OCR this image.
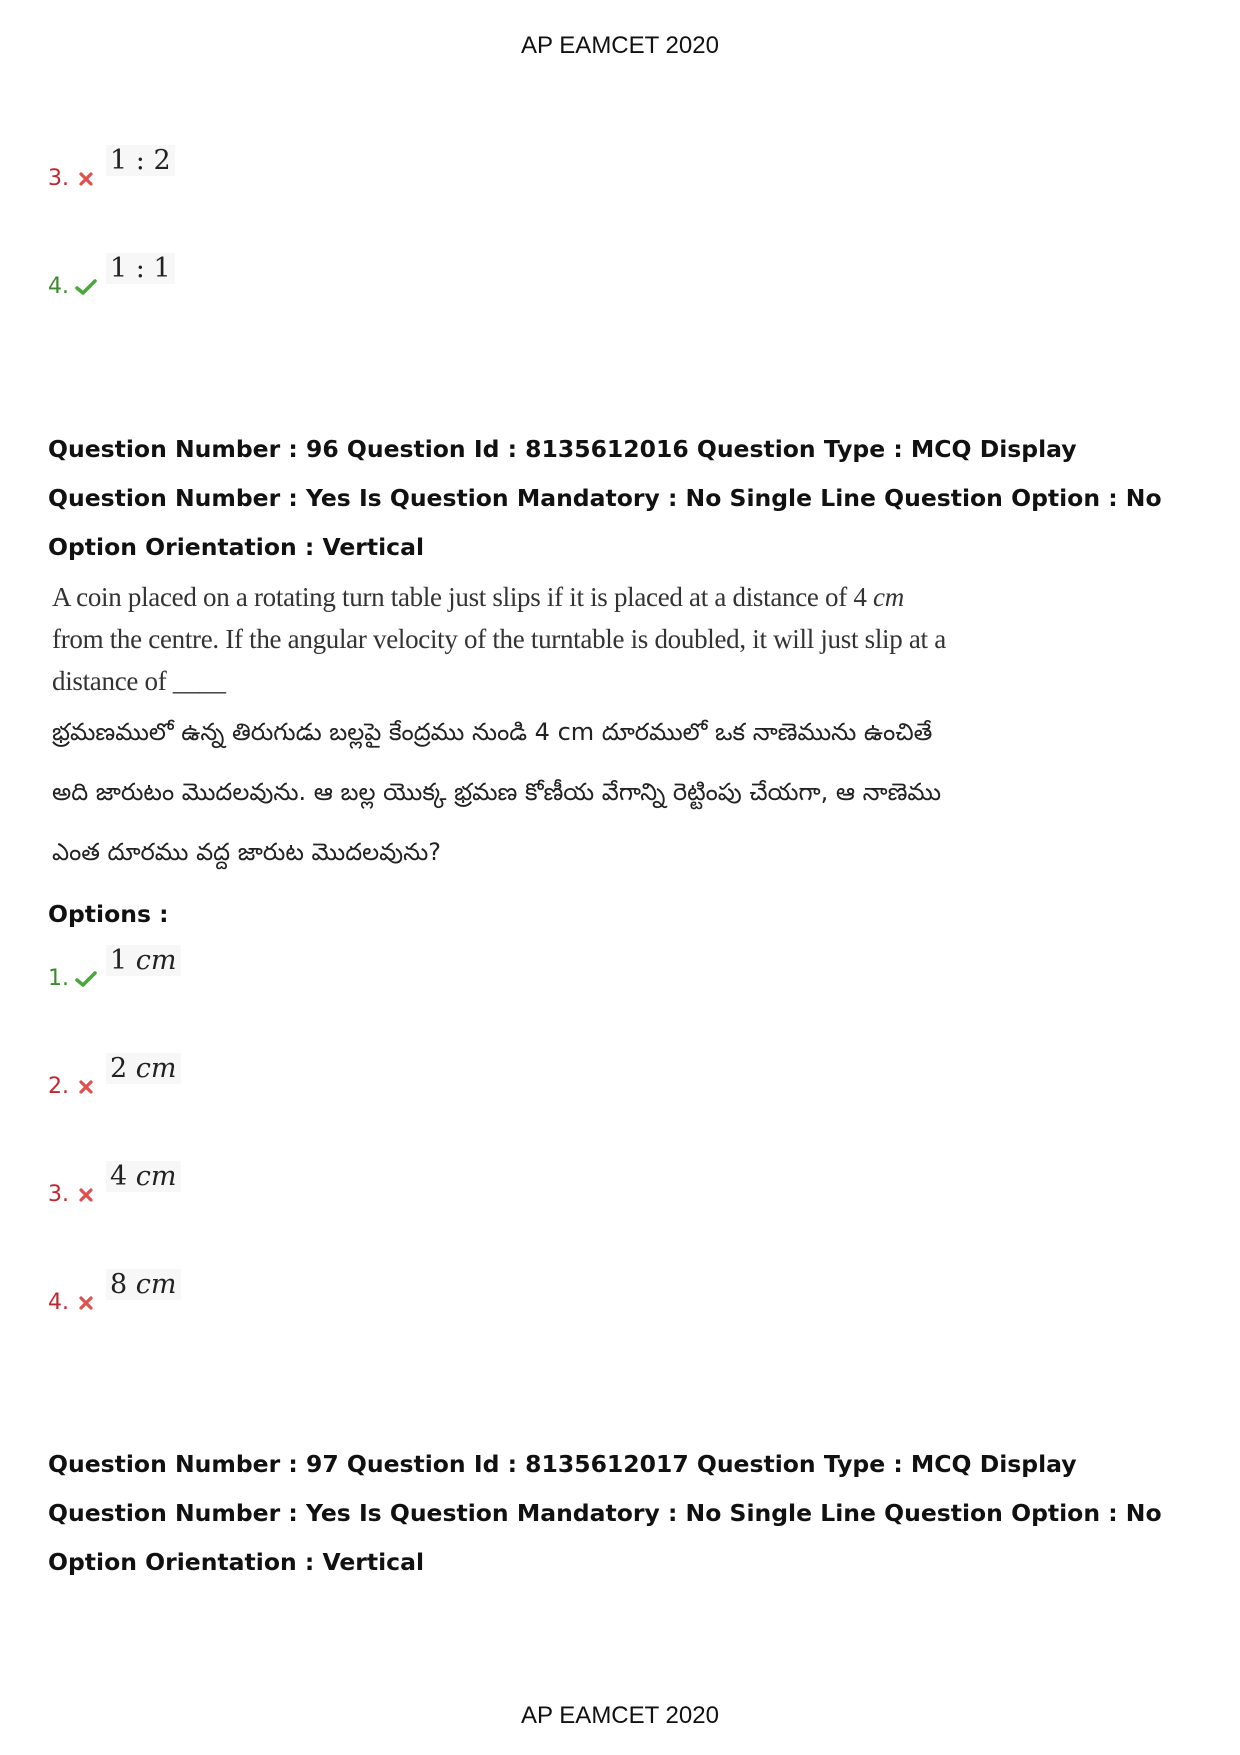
AP EAMCET 2020
3.
1 : 2
4.
1 : 1
Question Number : 96 Question Id : 8135612016 Question Type : MCQ Display Question Number : Yes Is Question Mandatory : No Single Line Question Option : No Option Orientation : Vertical
A coin placed on a rotating turn table just slips if it is placed at a distance of 4 cm from the centre. If the angular velocity of the turntable is doubled, it will just slip at a distance of ____
భ్రమణములో ఉన్న తిరుగుడు బల్లపై కేంద్రము నుండి 4 cm దూరములో ఒక నాణెమును ఉంచితే అది జారుటం మొదలవును. ఆ బల్ల యొక్క భ్రమణ కోణీయ వేగాన్ని రెట్టింపు చేయగా, ఆ నాణెము ఎంత దూరము వద్ద జారుట మొదలవును?
Options :
1.
1 cm
2.
2 cm
3.
4 cm
4.
8 cm
Question Number : 97 Question Id : 8135612017 Question Type : MCQ Display Question Number : Yes Is Question Mandatory : No Single Line Question Option : No Option Orientation : Vertical
AP EAMCET 2020
